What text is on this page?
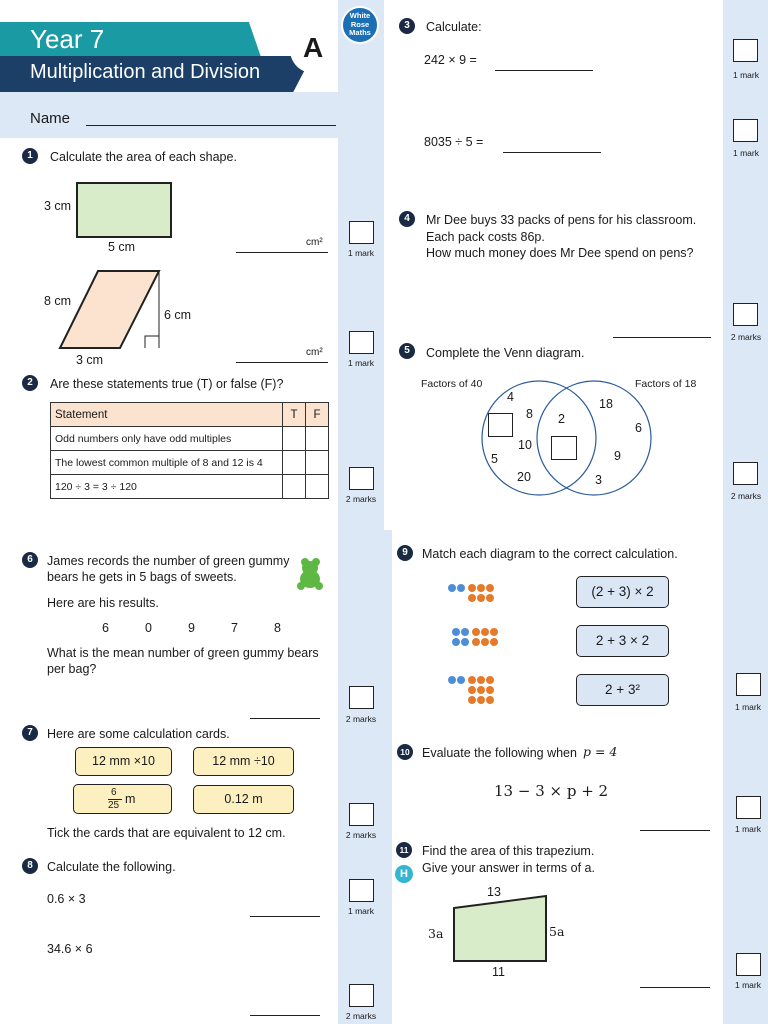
Year 7
Multiplication and Division
A
White
Rose
Maths
Name
1	Calculate the area of each shape.
3 cm
5 cm
8 cm
6 cm
3 cm
cm²
cm²
1 mark
1 mark
2	Are these statements true (T) or false (F)?
Statement	T	F
Odd numbers only have odd multiples		
The lowest common multiple of 8 and 12 is 4		
120 ÷ 3 = 3 ÷ 120		
2 marks
3	Calculate:
242 × 9 =
8035 ÷ 5 =
1 mark
1 mark
4	Mr Dee buys 33 packs of pens for his classroom.
Each pack costs 86p.
How much money does Mr Dee spend on pens?
2 marks
5	Complete the Venn diagram.
Factors of 40	Factors of 18
4
8
10
5
20
2
18
6
9
3
2 marks
6	James records the number of green gummy
bears he gets in 5 bags of sweets.
Here are his results.
6	0	9	7	8
What is the mean number of green gummy bears
per bag?
2 marks
7	Here are some calculation cards.
12 mm ×10	12 mm ÷10
6
25 m	0.12 m
Tick the cards that are equivalent to 12 cm.	2 marks
8	Calculate the following.
0.6 × 3
34.6 × 6
1 mark
2 marks
9	Match each diagram to the correct calculation.
(2 + 3) × 2
2 + 3 × 2
2 + 3²
1 mark
10 Evaluate the following when p = 4
13 − 3 × p + 2
1 mark
11
H
Find the area of this trapezium.
Give your answer in terms of a.
13
3a	5a
11
1 mark
